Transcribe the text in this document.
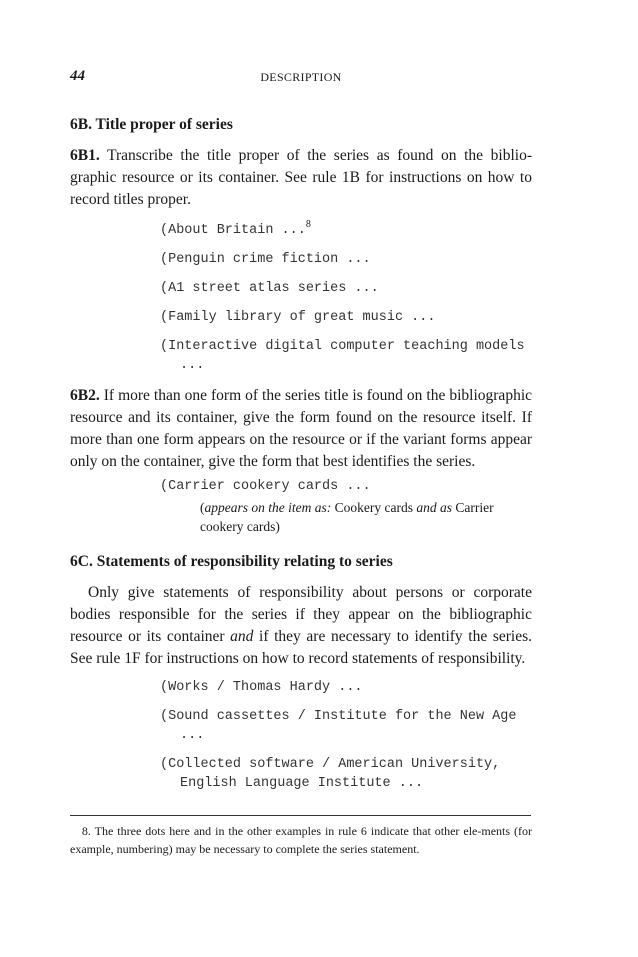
44	DESCRIPTION
6B. Title proper of series

6B1. Transcribe the title proper of the series as found on the biblio-graphic resource or its container. See rule 1B for instructions on how to record titles proper.

(About Britain ...$^8$
(Penguin crime fiction ...
(A1 street atlas series ...
(Family library of great music ...
(Interactive digital computer teaching models ...

6B2. If more than one form of the series title is found on the bibliographic resource and its container, give the form found on the resource itself. If more than one form appears on the resource or if the variant forms appear only on the container, give the form that best identifies the series.

(Carrier cookery cards ...
(appears on the item as: Cookery cards and as Carrier cookery cards)
6C. Statements of responsibility relating to series

Only give statements of responsibility about persons or corporate bodies responsible for the series if they appear on the bibliographic resource or its container and if they are necessary to identify the series. See rule 1F for instructions on how to record statements of responsibility.

(Works / Thomas Hardy ...
(Sound cassettes / Institute for the New Age ...
(Collected software / American University, English Language Institute ...
8. The three dots here and in the other examples in rule 6 indicate that other ele-ments (for example, numbering) may be necessary to complete the series statement.
